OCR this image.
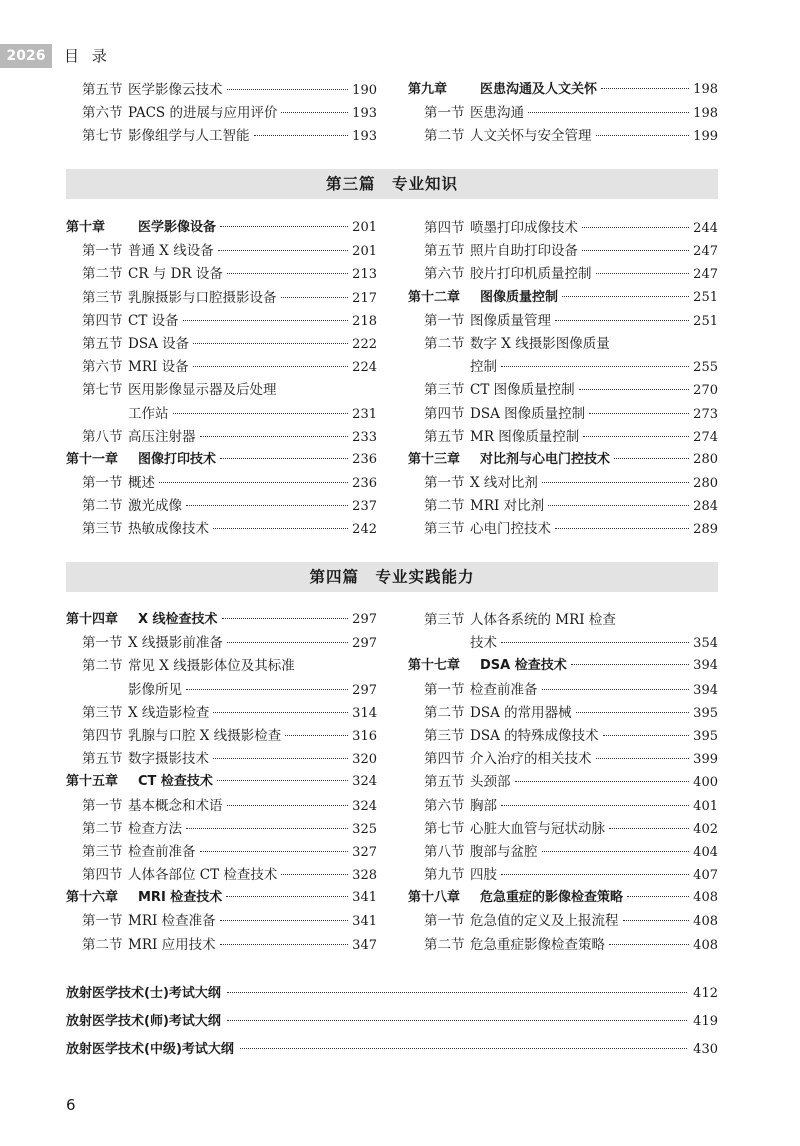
2026	目 录
第五节 医学影像云技术	190
第六节 PACS 的进展与应用评价	193
第七节 影像组学与人工智能	193
第九章	医患沟通及人文关怀	198
第一节 医患沟通	198
第二节 人文关怀与安全管理	199
第三篇　专业知识
第十章	医学影像设备	201
第一节 普通 X 线设备	201
第二节 CR 与 DR 设备	213
第三节 乳腺摄影与口腔摄影设备	217
第四节 CT 设备	218
第五节 DSA 设备	222
第六节 MRI 设备	224
第七节 医用影像显示器及后处理
工作站	231
第八节 高压注射器	233
第十一章	图像打印技术	236
第一节 概述	236
第二节 激光成像	237
第三节 热敏成像技术	242
第四节 喷墨打印成像技术	244
第五节 照片自助打印设备	247
第六节 胶片打印机质量控制	247
第十二章	图像质量控制	251
第一节 图像质量管理	251
第二节 数字 X 线摄影图像质量
控制	255
第三节 CT 图像质量控制	270
第四节 DSA 图像质量控制	273
第五节 MR 图像质量控制	274
第十三章	对比剂与心电门控技术	280
第一节 X 线对比剂	280
第二节 MRI 对比剂	284
第三节 心电门控技术	289
第四篇　专业实践能力
第十四章	X 线检查技术	297
第一节 X 线摄影前准备	297
第二节 常见 X 线摄影体位及其标准
影像所见	297
第三节 X 线造影检查	314
第四节 乳腺与口腔 X 线摄影检查	316
第五节 数字摄影技术	320
第十五章	CT 检查技术	324
第一节 基本概念和术语	324
第二节 检查方法	325
第三节 检查前准备	327
第四节 人体各部位 CT 检查技术	328
第十六章	MRI 检查技术	341
第一节 MRI 检查准备	341
第二节 MRI 应用技术	347
第三节 人体各系统的 MRI 检查
技术	354
第十七章	DSA 检查技术	394
第一节 检查前准备	394
第二节 DSA 的常用器械	395
第三节 DSA 的特殊成像技术	395
第四节 介入治疗的相关技术	399
第五节 头颈部	400
第六节 胸部	401
第七节 心脏大血管与冠状动脉	402
第八节 腹部与盆腔	404
第九节 四肢	407
第十八章	危急重症的影像检查策略	408
第一节 危急值的定义及上报流程	408
第二节 危急重症影像检查策略	408
放射医学技术(士)考试大纲	412
放射医学技术(师)考试大纲	419
放射医学技术(中级)考试大纲	430
6
